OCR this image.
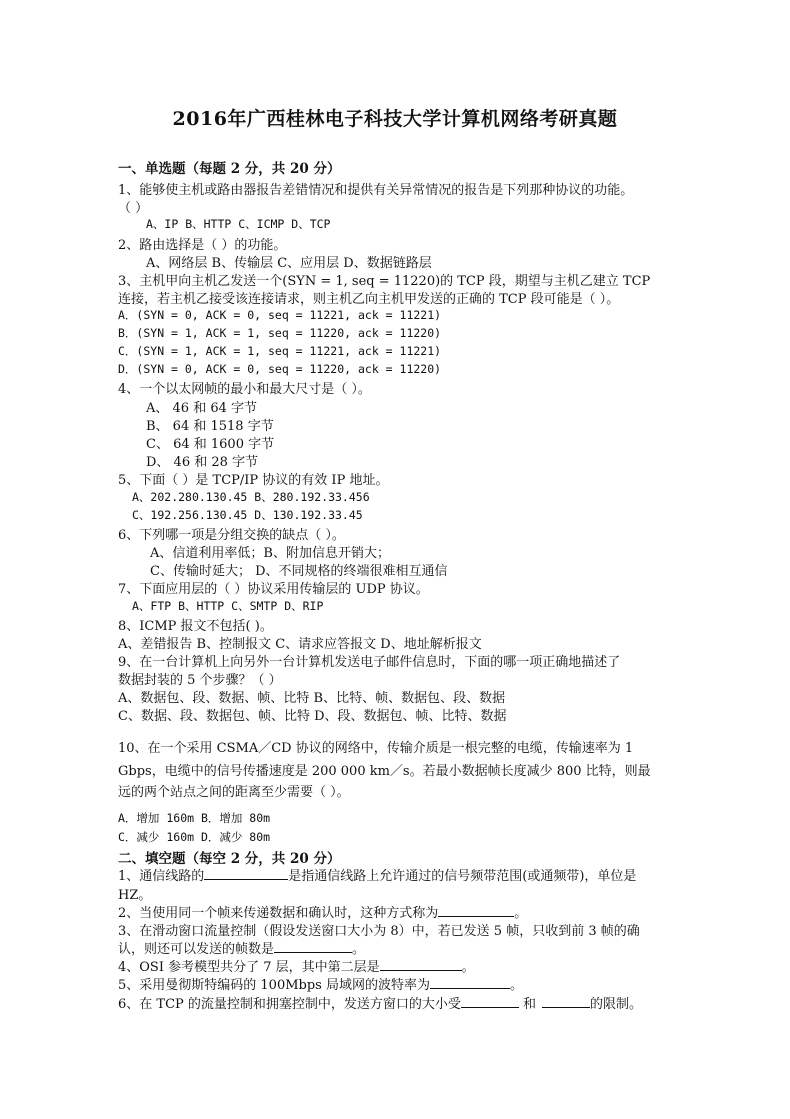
2016年广西桂林电子科技大学计算机网络考研真题
一、单选题（每题 2 分，共 20 分）
1、能够使主机或路由器报告差错情况和提供有关异常情况的报告是下列那种协议的功能。
（ ）
A、IP B、HTTP C、ICMP D、TCP
2、路由选择是（ ）的功能。
A、网络层 B、传输层 C、应用层 D、数据链路层
3、主机甲向主机乙发送一个(SYN = 1, seq = 11220)的 TCP 段，期望与主机乙建立 TCP
连接，若主机乙接受该连接请求，则主机乙向主机甲发送的正确的 TCP 段可能是（ ）。
A．(SYN = 0, ACK = 0, seq = 11221, ack = 11221)
B．(SYN = 1, ACK = 1, seq = 11220, ack = 11220)
C．(SYN = 1, ACK = 1, seq = 11221, ack = 11221)
D．(SYN = 0, ACK = 0, seq = 11220, ack = 11220)
4、一个以太网帧的最小和最大尺寸是（ ）。
A、 46 和 64 字节
B、 64 和 1518 字节
C、 64 和 1600 字节
D、 46 和 28 字节
5、下面（ ）是 TCP/IP 协议的有效 IP 地址。
A、202.280.130.45 B、280.192.33.456
C、192.256.130.45 D、130.192.33.45
6、下列哪一项是分组交换的缺点（ ）。
A、信道利用率低；B、附加信息开销大；
C、传输时延大； D、不同规格的终端很难相互通信
7、下面应用层的（ ）协议采用传输层的 UDP 协议。
A、FTP B、HTTP C、SMTP D、RIP
8、ICMP 报文不包括( )。
A、差错报告 B、控制报文 C、请求应答报文 D、地址解析报文
9、在一台计算机上向另外一台计算机发送电子邮件信息时，下面的哪一项正确地描述了
数据封装的 5 个步骤？（ ）
A、数据包、段、数据、帧、比特 B、比特、帧、数据包、段、数据
C、数据、段、数据包、帧、比特 D、段、数据包、帧、比特、数据
10、在一个采用 CSMA／CD 协议的网络中，传输介质是一根完整的电缆，传输速率为 1
Gbps，电缆中的信号传播速度是 200 000 km／s。若最小数据帧长度减少 800 比特，则最
远的两个站点之间的距离至少需要（ ）。
A．增加 160m B．增加 80m
C．减少 160m D．减少 80m
二、填空题（每空 2 分，共 20 分）
1、通信线路的	是指通信线路上允许通过的信号频带范围(或通频带)，单位是
HZ。
2、当使用同一个帧来传递数据和确认时，这种方式称为	。
3、在滑动窗口流量控制（假设发送窗口大小为 8）中，若已发送 5 帧，只收到前 3 帧的确
认，则还可以发送的帧数是	。
4、OSI 参考模型共分了 7 层，其中第二层是	。
5、采用曼彻斯特编码的 100Mbps 局域网的波特率为	。
6、在 TCP 的流量控制和拥塞控制中，发送方窗口的大小受	和	的限制。
